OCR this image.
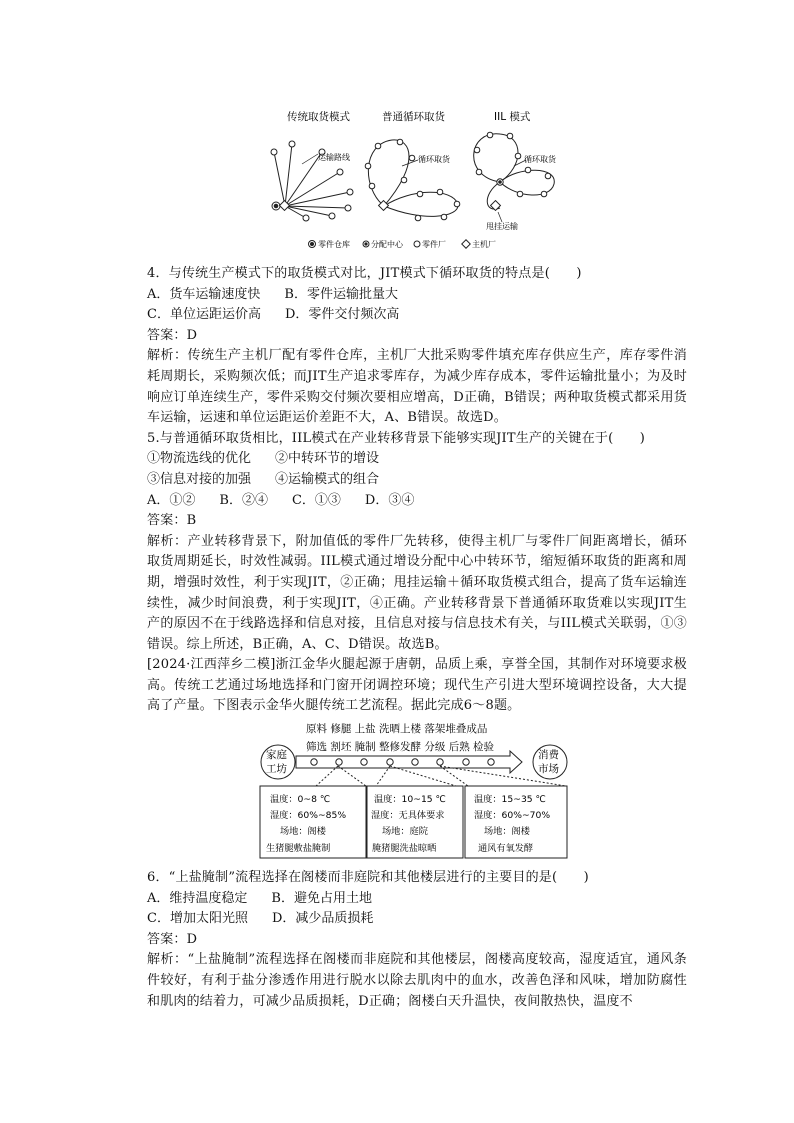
传统取货模式	普通循环取货	IIL 模式
运输路线	循环取货	循环取货
甩挂运输
零件仓库	分配中心 零件厂	主机厂

4．与传统生产模式下的取货模式对比，JIT模式下循环取货的特点是(　　)

A．货车运输速度快 B．零件运输批量大
C．单位运距运价高 D．零件交付频次高

答案：D

解析：传统生产主机厂配有零件仓库，主机厂大批采购零件填充库存供应生产，库存零件消耗周期长，采购频次低；而JIT生产追求零库存，为减少库存成本，零件运输批量小；为及时响应订单连续生产，零件采购交付频次要相应增高，D正确，B错误；两种取货模式都采用货车运输，运速和单位运距运价差距不大，A、B错误。故选D。

5.与普通循环取货相比，IIL模式在产业转移背景下能够实现JIT生产的关键在于(　　)

①物流选线的优化 ②中转环节的增设
③信息对接的加强 ④运输模式的组合
A．①② B．②④ C．①③ D．③④

答案：B

解析：产业转移背景下，附加值低的零件厂先转移，使得主机厂与零件厂间距离增长，循环取货周期延长，时效性减弱。IIL模式通过增设分配中心中转环节，缩短循环取货的距离和周期，增强时效性，利于实现JIT，②正确；甩挂运输＋循环取货模式组合，提高了货车运输连续性，减少时间浪费，利于实现JIT，④正确。产业转移背景下普通循环取货难以实现JIT生产的原因不在于线路选择和信息对接，且信息对接与信息技术有关，与IIL模式关联弱，①③错误。综上所述，B正确，A、C、D错误。故选B。

[2024·江西萍乡二模]浙江金华火腿起源于唐朝，品质上乘，享誉全国，其制作对环境要求极高。传统工艺通过场地选择和门窗开闭调控环境；现代生产引进大型环境调控设备，大大提高了产量。下图表示金华火腿传统工艺流程。据此完成6～8题。

原料 修腿 上盐 洗晒上楼 落架堆叠成品
筛选 割坯 腌制 整修发酵 分级 后熟 检验
家庭
工坊
消费
市场
温度：0~8 ℃
湿度：60%~85%
场地：阁楼
生猪腿敷盐腌制
温度：10~15 ℃
湿度：无具体要求
场地：庭院
腌猪腿洗盐晾晒
温度：15~35 ℃
湿度：60%~70%
场地：阁楼
通风有氧发酵

6．“上盐腌制”流程选择在阁楼而非庭院和其他楼层进行的主要目的是(　　)

A．维持温度稳定 B．避免占用土地
C．增加太阳光照 D．减少品质损耗

答案：D

解析：“上盐腌制”流程选择在阁楼而非庭院和其他楼层，阁楼高度较高，湿度适宜，通风条件较好，有利于盐分渗透作用进行脱水以除去肌肉中的血水，改善色泽和风味，增加防腐性和肌肉的结着力，可减少品质损耗，D正确；阁楼白天升温快，夜间散热快，温度不
